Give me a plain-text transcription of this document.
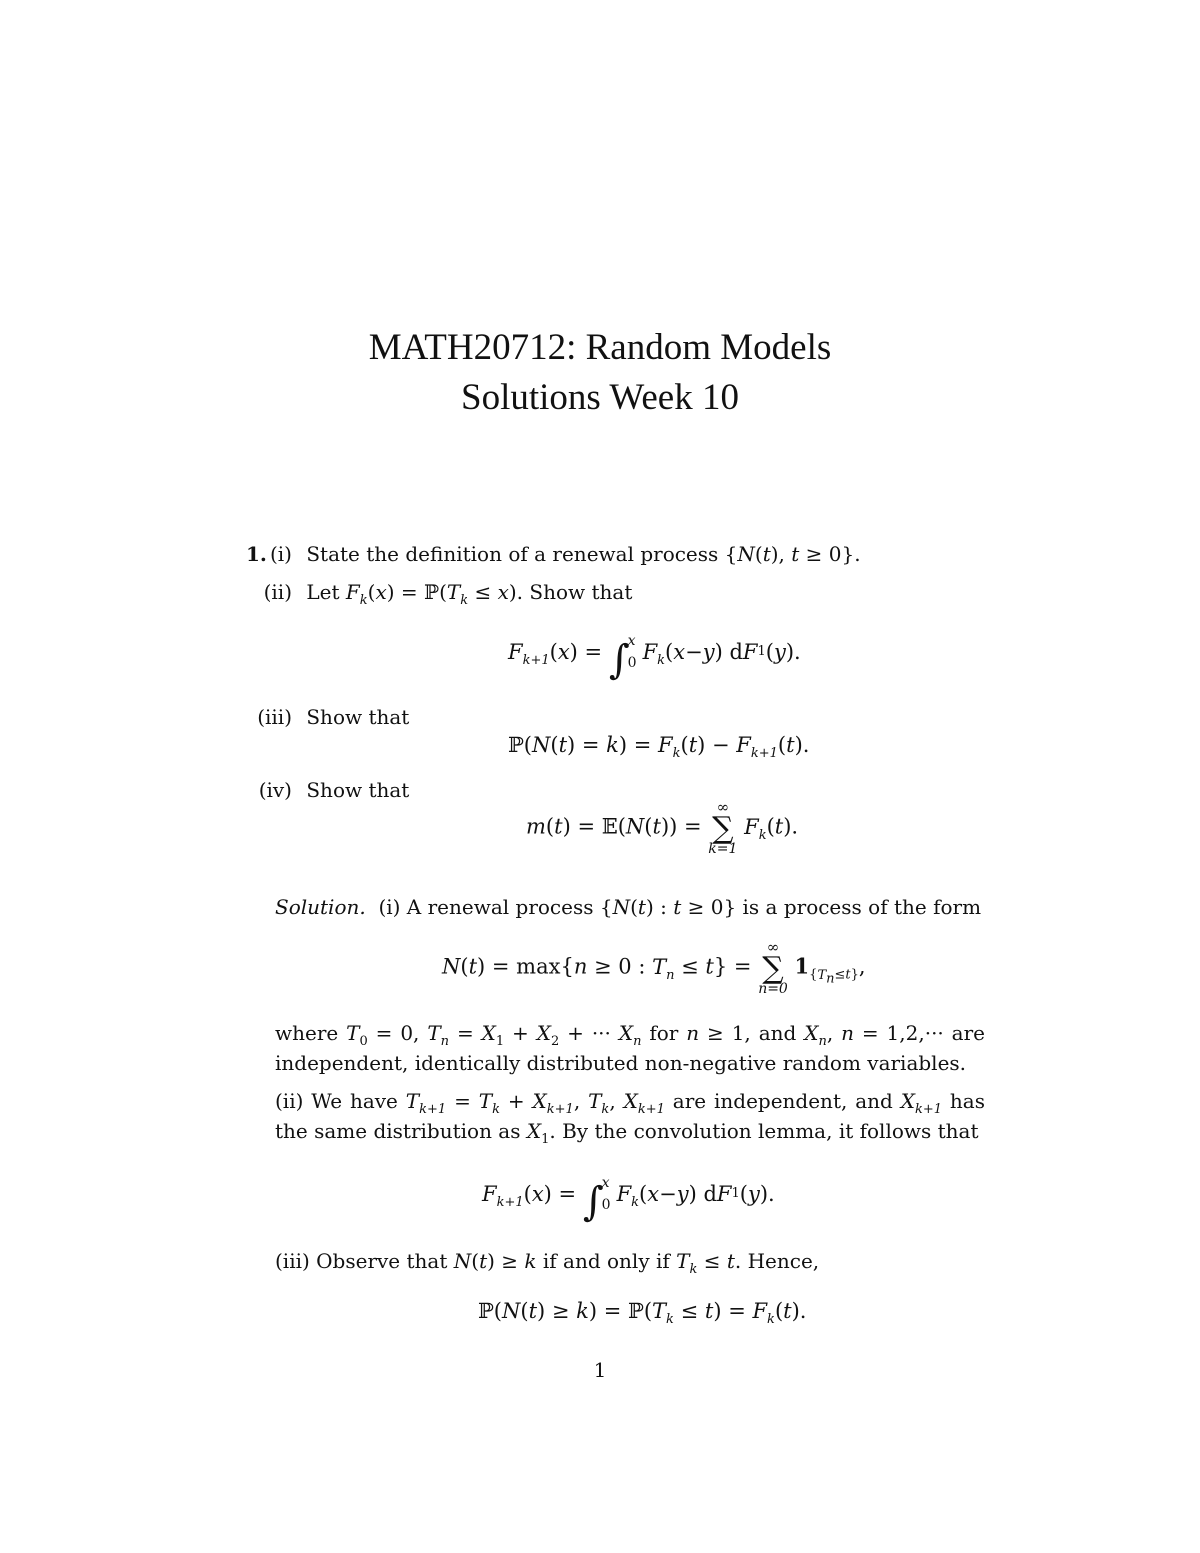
MATH20712: Random Models
Solutions Week 10
1. (i) State the definition of a renewal process {N(t), t ≥ 0}.
(ii) Let $F_k(x)$ = $ℙ(T_k \le x)$. Show that
$F_{k+1}$ ( x ) = ∫
x
0 $F_k$ ( x − y ) d F 1 ( y ).
(iii) Show that
ℙ(N(t) = $k) = F_k(t) - F_{k+1}(t)$.
(iv) Show that
m(t) = 𝔼(N(t)) =
∞
∑
k=1
$F_k(t)$.
Solution.  (i) A renewal process {N(t) : t ≥ 0} is a process of the form
N(t) = max{n ≥ 0 : $T_n \le t$} =
∞
∑
n=0
$1_{\{T_n\le t\}}$,
where $T_0 = 0$, $T_n = X_1 + X_2$ + ··· $X_n$ for n ≥ 1, and $X_n$, n = 1,2,··· are independent, identically distributed non-negative random variables.
(ii) We have $T_{k+1} = T_k + X_{k+1}$, $T_k$, $X_{k+1}$ are independent, and $X_{k+1}$ has the same distribution as $X_1$. By the convolution lemma, it follows that
$F_{k+1}$ ( x ) = ∫
x
0 $F_k$ ( x − y ) d F 1 ( y ).
(iii) Observe that N(t) ≥ k if and only if $T_k \le t$. Hence,
ℙ(N(t) ≥ $k) = ℙ(T_k \le t) = F_k(t)$.
1
